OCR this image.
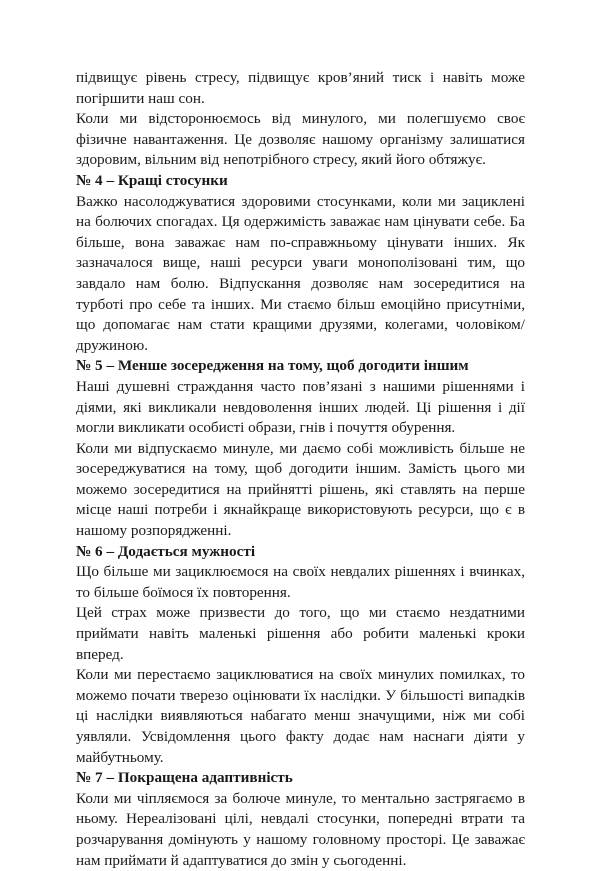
підвищує рівень стресу, підвищує кров’яний тиск і навіть може погіршити наш сон.

Коли ми відсторонюємось від минулого, ми полегшуємо своє фізичне навантаження. Це дозволяє нашому організму залишатися здоровим, вільним від непотрібного стресу, який його обтяжує.

№ 4 – Кращі стосунки

Важко насолоджуватися здоровими стосунками, коли ми зациклені на болючих спогадах. Ця одержимість заважає нам цінувати себе. Ба більше, вона заважає нам по-справжньому цінувати інших. Як зазначалося вище, наші ресурси уваги монополізовані тим, що завдало нам болю. Відпускання дозволяє нам зосередитися на турботі про себе та інших. Ми стаємо більш емоційно присутніми, що допомагає нам стати кращими друзями, колегами, чоловіком/дружиною.

№ 5 – Менше зосередження на тому, щоб догодити іншим

Наші душевні страждання часто пов’язані з нашими рішеннями і діями, які викликали невдоволення інших людей. Ці рішення і дії могли викликати особисті образи, гнів і почуття обурення.

Коли ми відпускаємо минуле, ми даємо собі можливість більше не зосереджуватися на тому, щоб догодити іншим. Замість цього ми можемо зосередитися на прийнятті рішень, які ставлять на перше місце наші потреби і якнайкраще використовують ресурси, що є в нашому розпорядженні.

№ 6 – Додається мужності

Що більше ми зациклюємося на своїх невдалих рішеннях і вчинках, то більше боїмося їх повторення.

Цей страх може призвести до того, що ми стаємо нездатними приймати навіть маленькі рішення або робити маленькі кроки вперед.

Коли ми перестаємо зациклюватися на своїх минулих помилках, то можемо почати тверезо оцінювати їх наслідки. У більшості випадків ці наслідки виявляються набагато менш значущими, ніж ми собі уявляли. Усвідомлення цього факту додає нам наснаги діяти у майбутньому.

№ 7 – Покращена адаптивність

Коли ми чіпляємося за болюче минуле, то ментально застрягаємо в ньому. Нереалізовані цілі, невдалі стосунки, попередні втрати та розчарування домінують у нашому головному просторі. Це заважає нам приймати й адаптуватися до змін у сьогоденні.
